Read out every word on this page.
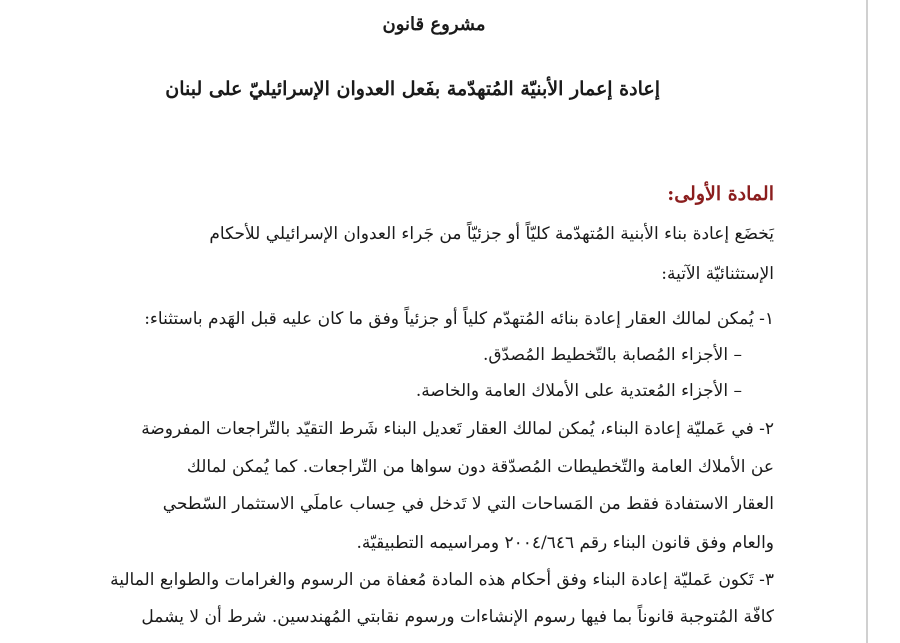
مشروع قانون
إعادة إعمار الأبنيّة المُتهدّمة بفَعل العدوان الإسرائيليّ على لبنان
المادة الأولى:
يَخضَع إعادة بناء الأبنية المُتهدّمة كليّاً أو جزئيّاً من جَراء العدوان الإسرائيلي للأحكام
الإستثنائيّة الآتية:
١- يُمكن لمالك العقار إعادة بنائه المُتهدّم كلياً أو جزئياً وفق ما كان عليه قبل الهَدم باستثناء:
– الأجزاء المُصابة بالتّخطيط المُصدّق.
– الأجزاء المُعتدية على الأملاك العامة والخاصة.
٢- في عَمليّة إعادة البناء، يُمكن لمالك العقار تَعديل البناء شَرط التقيّد بالتّراجعات المفروضة
عن الأملاك العامة والتّخطيطات المُصدّقة دون سواها من التّراجعات. كما يُمكن لمالك
العقار الاستفادة فقط من المَساحات التي لا تَدخل في حِساب عاملَي الاستثمار السّطحي
والعام وفق قانون البناء رقم ٢٠٠٤/٦٤٦ ومراسيمه التطبيقيّة.
٣- تَكون عَمليّة إعادة البناء وفق أحكام هذه المادة مُعفاة من الرسوم والغرامات والطوابع المالية
كافّة المُتوجبة قانوناً بما فيها رسوم الإنشاءات ورسوم نقابتي المُهندسين. شرط أن لا يشمل
